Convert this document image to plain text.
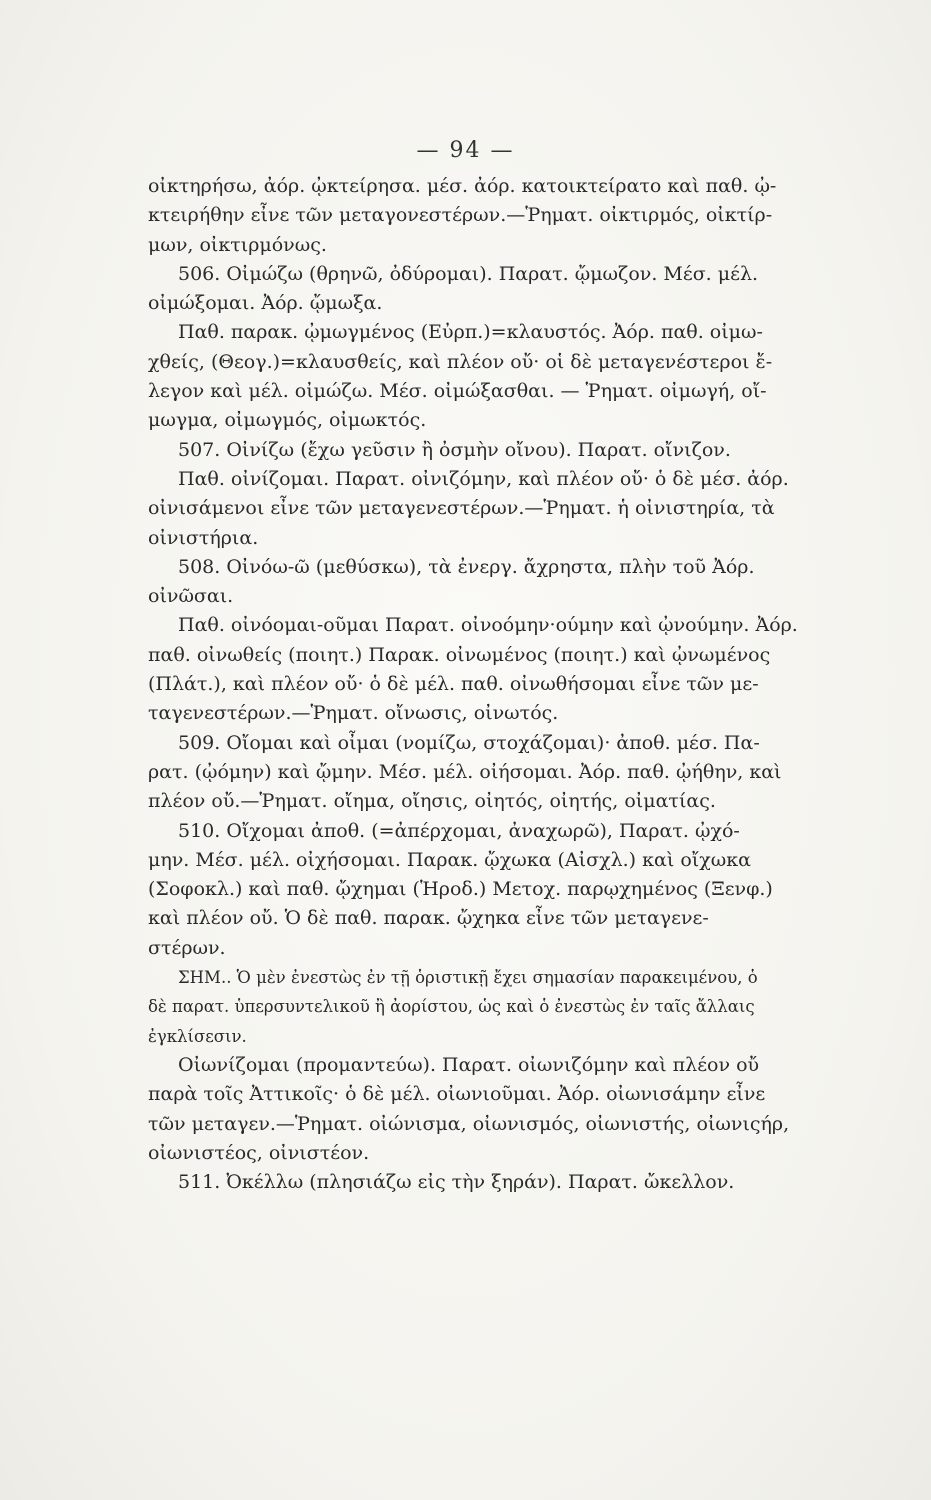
— 94 —
οἰκτηρήσω, ἀόρ. ᾠκτείρησα. μέσ. ἀόρ. κατοικτείρατο καὶ παθ. ᾠ-
κτειρήθην εἶνε τῶν μεταγονεστέρων.—Ῥηματ. οἰκτιρμός, οἰκτίρ-
μων, οἰκτιρμόνως.
506. Οἰμώζω (θρηνῶ, ὀδύρομαι). Παρατ. ᾤμωζον. Μέσ. μέλ.
οἰμώξομαι. Ἀόρ. ᾤμωξα.
Παθ. παρακ. ᾠμωγμένος (Εὐρπ.)=κλαυστός. Ἀόρ. παθ. οἰμω-
χθείς, (Θεογ.)=κλαυσθείς, καὶ πλέον οὔ· οἱ δὲ μεταγενέστεροι ἔ-
λεγον καὶ μέλ. οἰμώζω. Μέσ. οἰμώξασθαι. — Ῥηματ. οἰμωγή, οἴ-
μωγμα, οἰμωγμός, οἰμωκτός.
507. Οἰνίζω (ἔχω γεῦσιν ἢ ὀσμὴν οἴνου). Παρατ. οἴνιζον.
Παθ. οἰνίζομαι. Παρατ. οἰνιζόμην, καὶ πλέον οὔ· ὁ δὲ μέσ. ἀόρ.
οἰνισάμενοι εἶνε τῶν μεταγενεστέρων.—Ῥηματ. ἡ οἰνιστηρία, τὰ
οἰνιστήρια.
508. Οἰνόω-ῶ (μεθύσκω), τὰ ἐνεργ. ἄχρηστα, πλὴν τοῦ Ἀόρ.
οἰνῶσαι.
Παθ. οἰνόομαι-οῦμαι Παρατ. οἰνοόμην·ούμην καὶ ᾠνούμην. Ἀόρ.
παθ. οἰνωθείς (ποιητ.) Παρακ. οἰνωμένος (ποιητ.) καὶ ᾠνωμένος
(Πλάτ.), καὶ πλέον οὔ· ὁ δὲ μέλ. παθ. οἰνωθήσομαι εἶνε τῶν με-
ταγενεστέρων.—Ῥηματ. οἴνωσις, οἰνωτός.
509. Οἴομαι καὶ οἶμαι (νομίζω, στοχάζομαι)· ἀποθ. μέσ. Πα-
ρατ. (ᾠόμην) καὶ ᾤμην. Μέσ. μέλ. οἰήσομαι. Ἀόρ. παθ. ᾠήθην, καὶ
πλέον οὔ.—Ῥηματ. οἴημα, οἴησις, οἰητός, οἰητής, οἰματίας.
510. Οἴχομαι ἀποθ. (=ἀπέρχομαι, ἀναχωρῶ), Παρατ. ᾠχό-
μην. Μέσ. μέλ. οἰχήσομαι. Παρακ. ᾤχωκα (Αἰσχλ.) καὶ οἴχωκα
(Σοφοκλ.) καὶ παθ. ᾤχημαι (Ἡροδ.) Μετοχ. παρῳχημένος (Ξενφ.)
καὶ πλέον οὔ. Ὁ δὲ παθ. παρακ. ᾤχηκα εἶνε τῶν μεταγενε-
στέρων.
ΣΗΜ.. Ὁ μὲν ἐνεστὼς ἐν τῇ ὁριστικῇ ἔχει σημασίαν παρακειμένου, ὁ
δὲ παρατ. ὑπερσυντελικοῦ ἢ ἀορίστου, ὡς καὶ ὁ ἐνεστὼς ἐν ταῖς ἄλλαις
ἐγκλίσεσιν.
Οἰωνίζομαι (προμαντεύω). Παρατ. οἰωνιζόμην καὶ πλέον οὔ
παρὰ τοῖς Ἀττικοῖς· ὁ δὲ μέλ. οἰωνιοῦμαι. Ἀόρ. οἰωνισάμην εἶνε
τῶν μεταγεν.—Ῥηματ. οἰώνισμα, οἰωνισμός, οἰωνιστής, οἰωνιςήρ,
οἰωνιστέος, οἰνιστέον.
511. Ὀκέλλω (πλησιάζω εἰς τὴν ξηράν). Παρατ. ὤκελλον.
